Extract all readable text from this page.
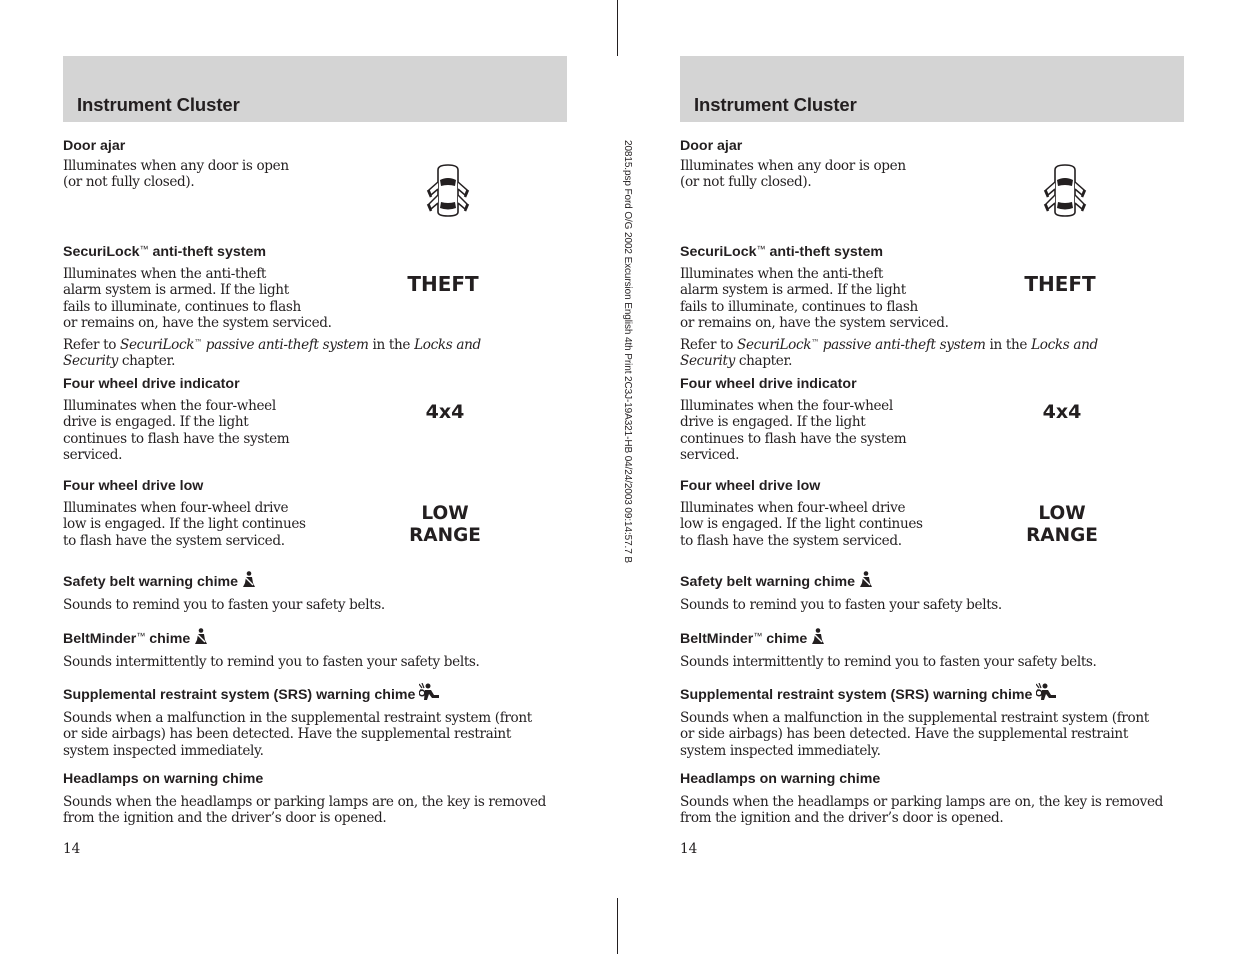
Instrument Cluster
Door ajar
Illuminates when any door is open
(or not fully closed).
SecuriLock™ anti-theft system
Illuminates when the anti-theft
alarm system is armed. If the light
fails to illuminate, continues to flash
or remains on, have the system serviced.
Refer to SecuriLock™ passive anti-theft system in the Locks and
Security chapter.
THEFT
Four wheel drive indicator
Illuminates when the four-wheel
drive is engaged. If the light
continues to flash have the system
serviced.
4x4
Four wheel drive low
Illuminates when four-wheel drive
low is engaged. If the light continues
to flash have the system serviced.
LOW
RANGE
Safety belt warning chime
Sounds to remind you to fasten your safety belts.
BeltMinder™ chime
Sounds intermittently to remind you to fasten your safety belts.
Supplemental restraint system (SRS) warning chime
Sounds when a malfunction in the supplemental restraint system (front
or side airbags) has been detected. Have the supplemental restraint
system inspected immediately.
Headlamps on warning chime
Sounds when the headlamps or parking lamps are on, the key is removed
from the ignition and the driver’s door is opened.
14
Instrument Cluster
Door ajar
Illuminates when any door is open
(or not fully closed).
SecuriLock™ anti-theft system
Illuminates when the anti-theft
alarm system is armed. If the light
fails to illuminate, continues to flash
or remains on, have the system serviced.
Refer to SecuriLock™ passive anti-theft system in the Locks and
Security chapter.
THEFT
Four wheel drive indicator
Illuminates when the four-wheel
drive is engaged. If the light
continues to flash have the system
serviced.
4x4
Four wheel drive low
Illuminates when four-wheel drive
low is engaged. If the light continues
to flash have the system serviced.
LOW
RANGE
Safety belt warning chime
Sounds to remind you to fasten your safety belts.
BeltMinder™ chime
Sounds intermittently to remind you to fasten your safety belts.
Supplemental restraint system (SRS) warning chime
Sounds when a malfunction in the supplemental restraint system (front
or side airbags) has been detected. Have the supplemental restraint
system inspected immediately.
Headlamps on warning chime
Sounds when the headlamps or parking lamps are on, the key is removed
from the ignition and the driver’s door is opened.
14
20815.psp Ford O/G 2002 Excursion English 4th Print 2C3J-19A321-HB 04/24/2003 09:14:57.7 B
